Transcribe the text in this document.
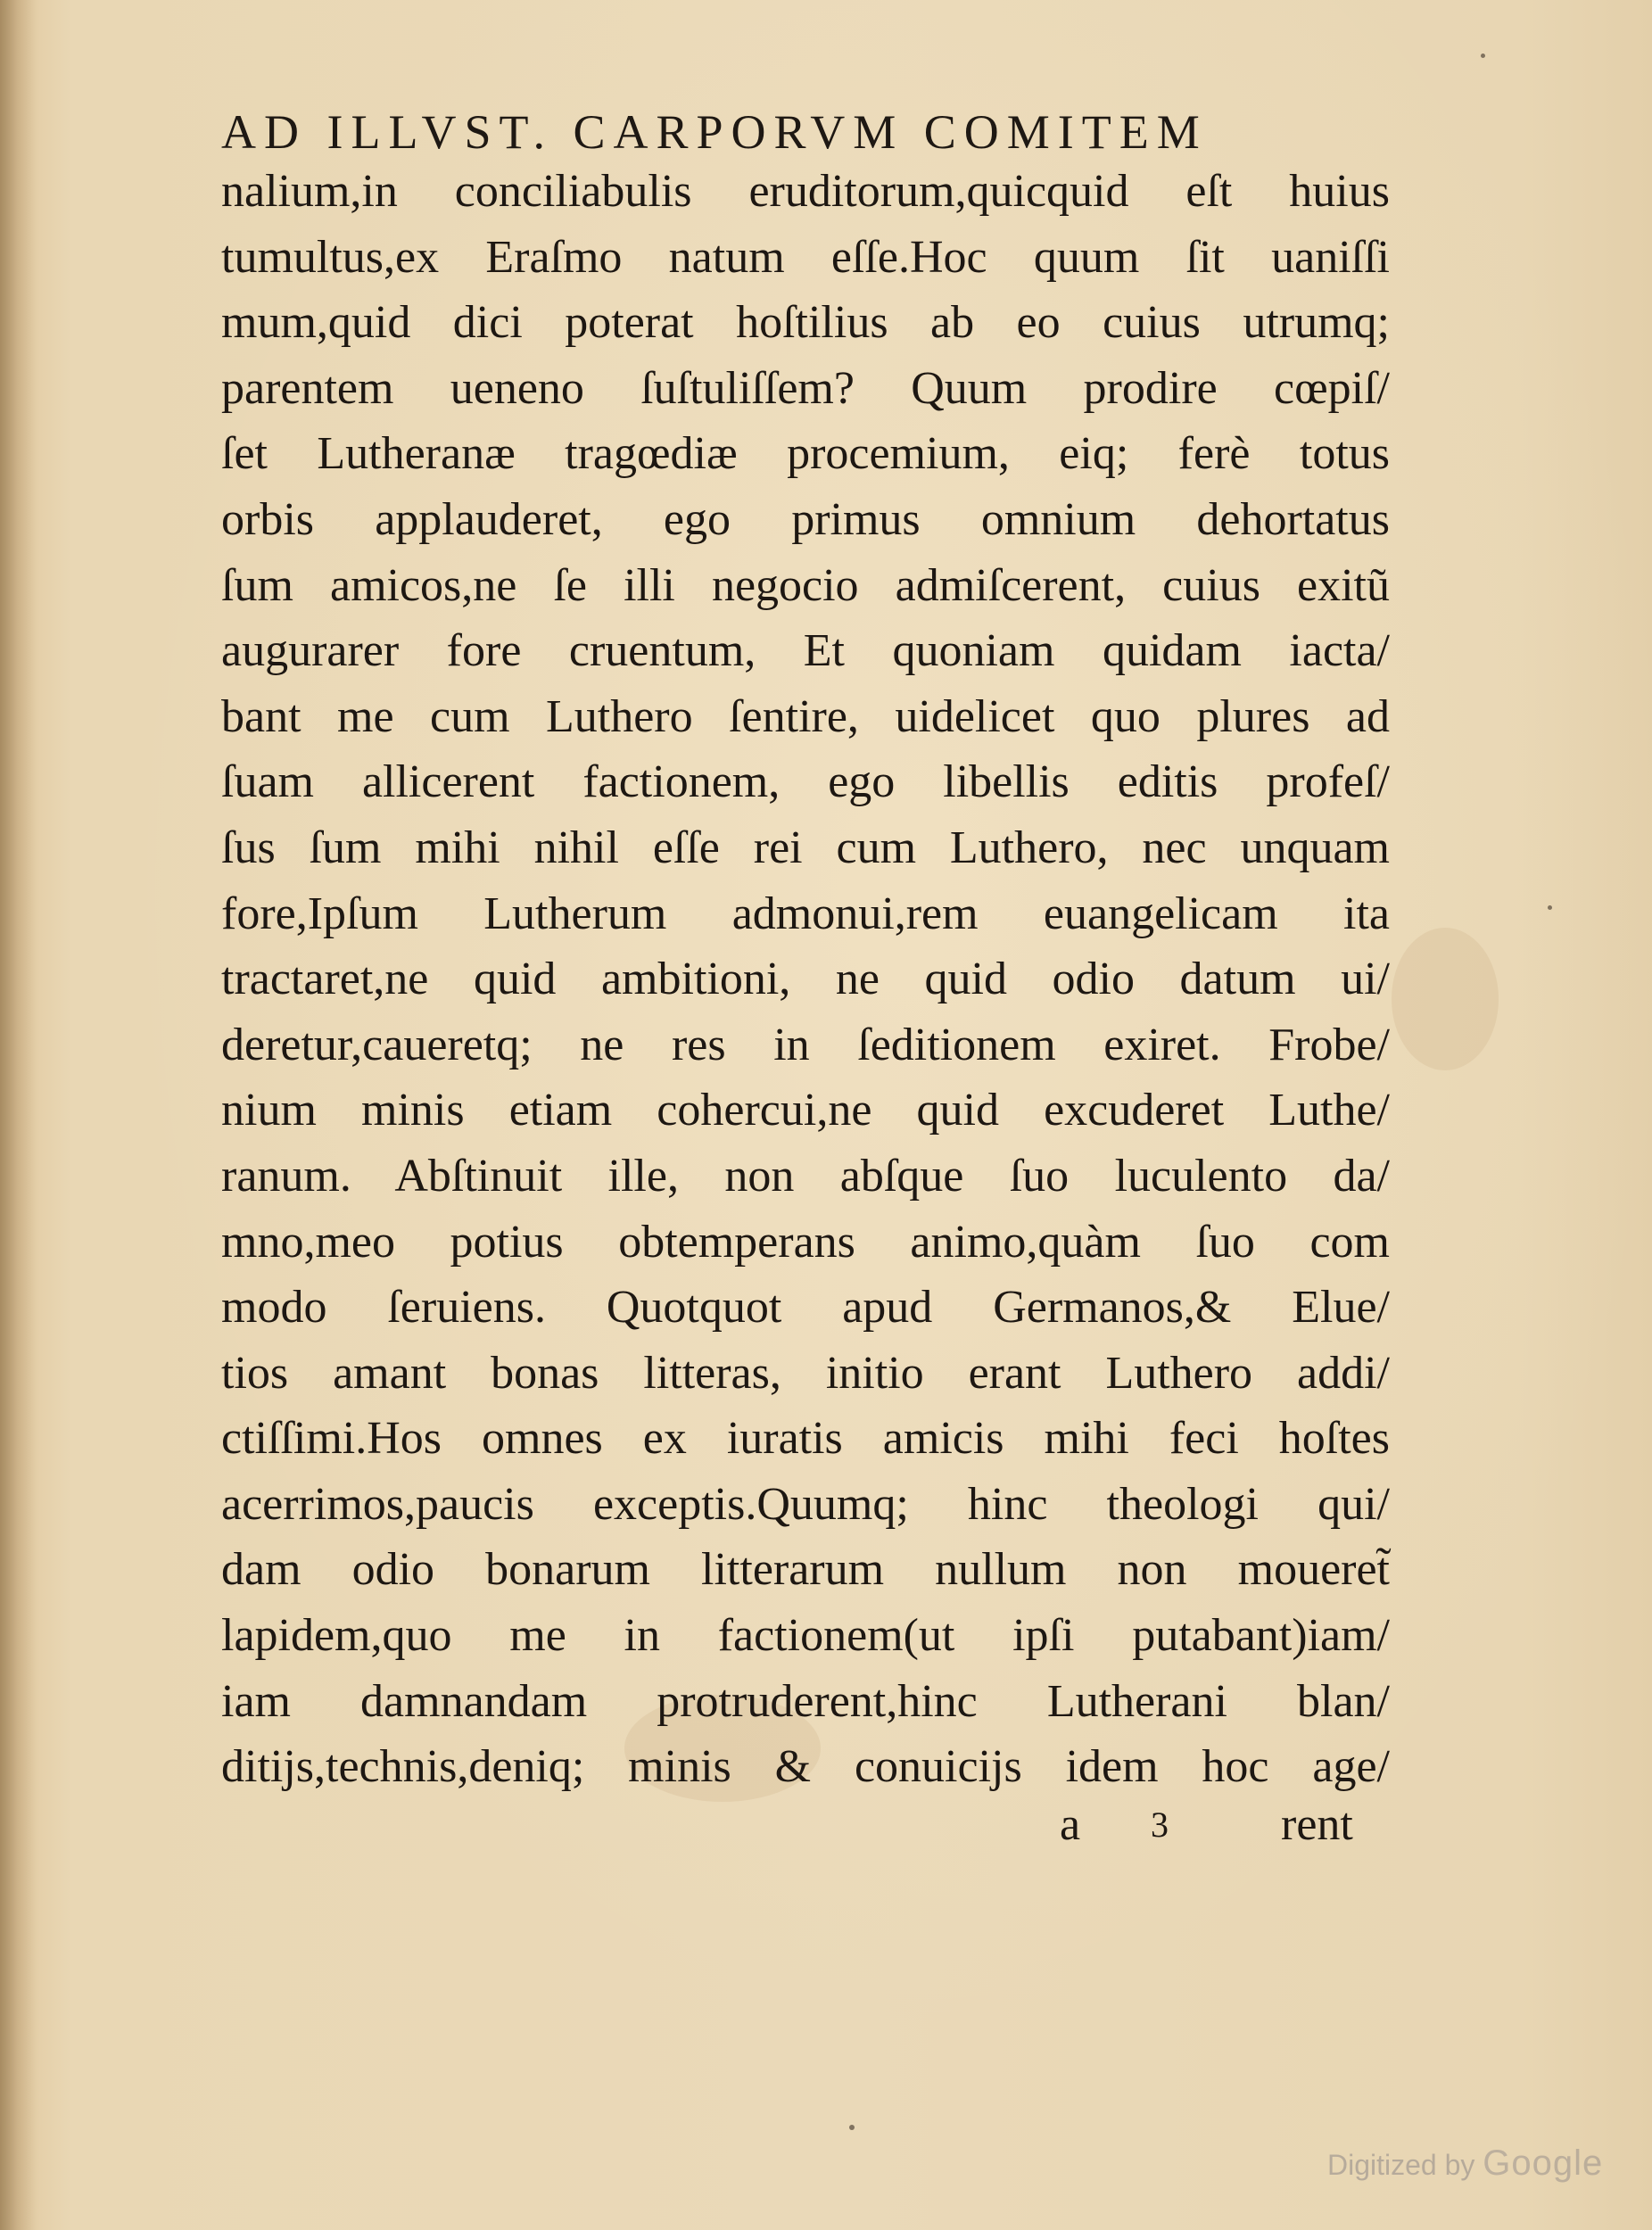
AD ILLVST. CARPORVM COMITEM
nalium,in conciliabulis eruditorum,quicquid eſt huius
tumultus,ex Eraſmo natum eſſe.Hoc quum ſit uaniſſi
mum,quid dici poterat hoſtilius ab eo cuius utrumq;
parentem ueneno ſuſtuliſſem? Quum prodire cœpiſ/
ſet Lutheranæ tragœdiæ procemium, eiq; ferè totus
orbis applauderet, ego primus omnium dehortatus
ſum amicos,ne ſe illi negocio admiſcerent, cuius exitũ
augurarer fore cruentum, Et quoniam quidam iacta/
bant me cum Luthero ſentire, uidelicet quo plures ad
ſuam allicerent factionem, ego libellis editis profeſ/
ſus ſum mihi nihil eſſe rei cum Luthero, nec unquam
fore,Ipſum Lutherum admonui,rem euangelicam ita
tractaret,ne quid ambitioni, ne quid odio datum ui/
deretur,caueretq; ne res in ſeditionem exiret. Frobe/
nium minis etiam cohercui,ne quid excuderet Luthe/
ranum. Abſtinuit ille, non abſque ſuo luculento da/
mno,meo potius obtemperans animo,quàm ſuo com
modo ſeruiens. Quotquot apud Germanos,& Elue/
tios amant bonas litteras, initio erant Luthero addi/
ctiſſimi.Hos omnes ex iuratis amicis mihi feci hoſtes
acerrimos,paucis exceptis.Quumq; hinc theologi qui/
dam odio bonarum litterarum nullum non moueret̃
lapidem,quo me in factionem(ut ipſi putabant)iam/
iam damnandam protruderent,hinc Lutherani blan/
ditijs,technis,deniq; minis & conuicijs idem hoc age/
a 3 rent
Digitized by Google
